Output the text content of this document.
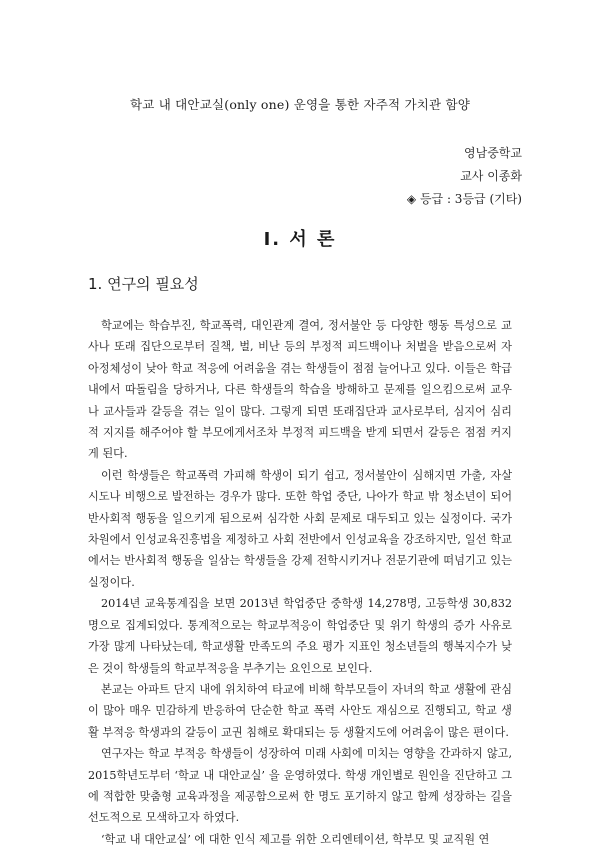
학교 내 대안교실(only one) 운영을 통한 자주적 가치관 함양
영남중학교
교사 이종화
◈ 등급 : 3등급 (기타)
Ⅰ. 서 론
1. 연구의 필요성

학교에는 학습부진, 학교폭력, 대인관계 결여, 정서불안 등 다양한 행동 특성으로 교사나 또래 집단으로부터 질책, 벌, 비난 등의 부정적 피드백이나 처벌을 받음으로써 자아정체성이 낮아 학교 적응에 어려움을 겪는 학생들이 점점 늘어나고 있다. 이들은 학급 내에서 따돌림을 당하거나, 다른 학생들의 학습을 방해하고 문제를 일으킴으로써 교우나 교사들과 갈등을 겪는 일이 많다. 그렇게 되면 또래집단과 교사로부터, 심지어 심리적 지지를 해주어야 할 부모에게서조차 부정적 피드백을 받게 되면서 갈등은 점점 커지게 된다.

이런 학생들은 학교폭력 가피해 학생이 되기 쉽고, 정서불안이 심해지면 가출, 자살 시도나 비행으로 발전하는 경우가 많다. 또한 학업 중단, 나아가 학교 밖 청소년이 되어 반사회적 행동을 일으키게 됨으로써 심각한 사회 문제로 대두되고 있는 실정이다. 국가 차원에서 인성교육진흥법을 제정하고 사회 전반에서 인성교육을 강조하지만, 일선 학교에서는 반사회적 행동을 일삼는 학생들을 강제 전학시키거나 전문기관에 떠넘기고 있는 실정이다.

2014년 교육통계집을 보면 2013년 학업중단 중학생 14,278명, 고등학생 30,832명으로 집계되었다. 통계적으로는 학교부적응이 학업중단 및 위기 학생의 증가 사유로 가장 많게 나타났는데, 학교생활 만족도의 주요 평가 지표인 청소년들의 행복지수가 낮은 것이 학생들의 학교부적응을 부추기는 요인으로 보인다.

본교는 아파트 단지 내에 위치하여 타교에 비해 학부모들이 자녀의 학교 생활에 관심이 많아 매우 민감하게 반응하여 단순한 학교 폭력 사안도 재심으로 진행되고, 학교 생활 부적응 학생과의 갈등이 교권 침해로 확대되는 등 생활지도에 어려움이 많은 편이다.

연구자는 학교 부적응 학생들이 성장하여 미래 사회에 미치는 영향을 간과하지 않고, 2015학년도부터 ‘학교 내 대안교실’ 을 운영하였다. 학생 개인별로 원인을 진단하고 그에 적합한 맞춤형 교육과정을 제공함으로써 한 명도 포기하지 않고 함께 성장하는 길을 선도적으로 모색하고자 하였다.

‘학교 내 대안교실’ 에 대한 인식 제고를 위한 오리엔테이션, 학부모 및 교직원 연
